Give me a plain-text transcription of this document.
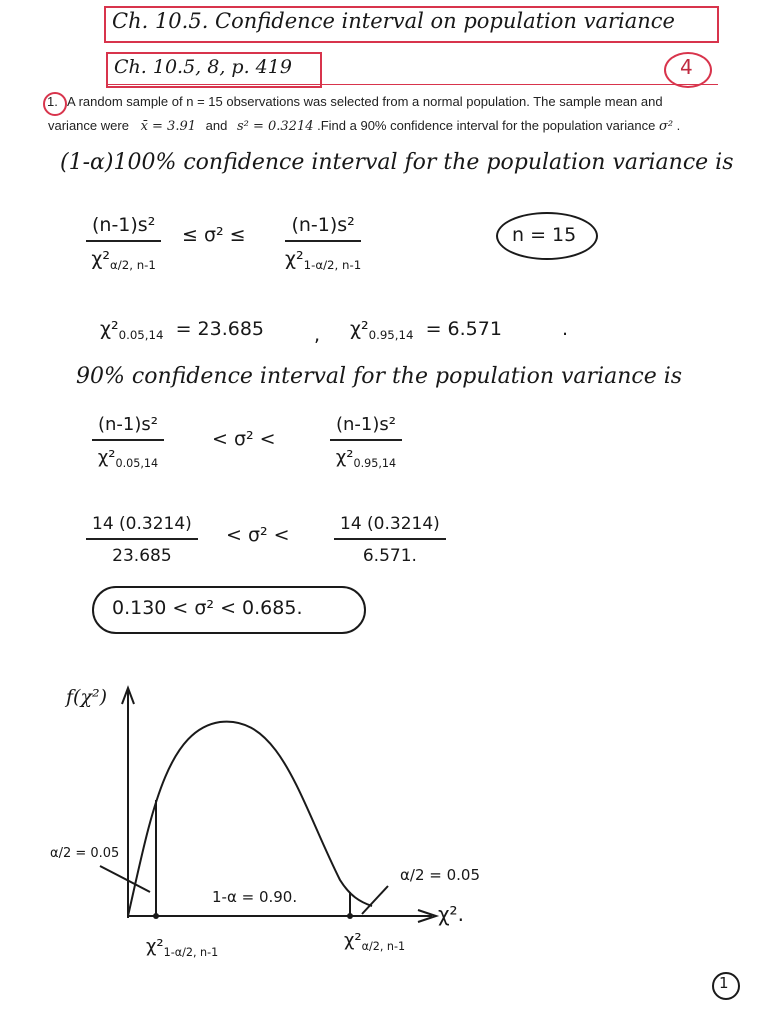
Ch. 10.5. Confidence interval on population variance
Ch. 10.5, 8, p. 419	4
1. A random sample of n = 15 observations was selected from a normal population. The sample mean and
variance were x̄ = 3.91 and s² = 0.3214 .Find a 90% confidence interval for the population variance σ² .
(1-α)100% confidence interval for the population variance is
$\frac{\text{(n-1)s²}}{\chi^2_{\alpha/2, n-1}} \le \sigma^2 \le \frac{\text{(n-1)s²}}{\chi^2_{1-\alpha/2, n-1}}$	n = 15
$\chi^2_{0.05,14} = 23.685$	, $\chi^2_{0.95,14} = 6.571$	.
90% confidence interval for the population variance is
$\frac{\text{(n-1)s²}}{\chi^2_{0.05,14}}$	< σ² <	$\frac{\text{(n-1)s²}}{\chi^2_{0.95,14}}$
$\frac{14 (0.3214)}{23.685} < \sigma^2$ <	$\frac{14 (0.3214)}{6.571.}$
0.130 < σ² < 0.685.
f(χ²)
χ².
α/2 = 0.05
α/2 = 0.05
1-α = 0.90.
$\chi^2_{1-\alpha/2, n-1}$
$\chi^2_{\alpha/2, n-1}$
1
